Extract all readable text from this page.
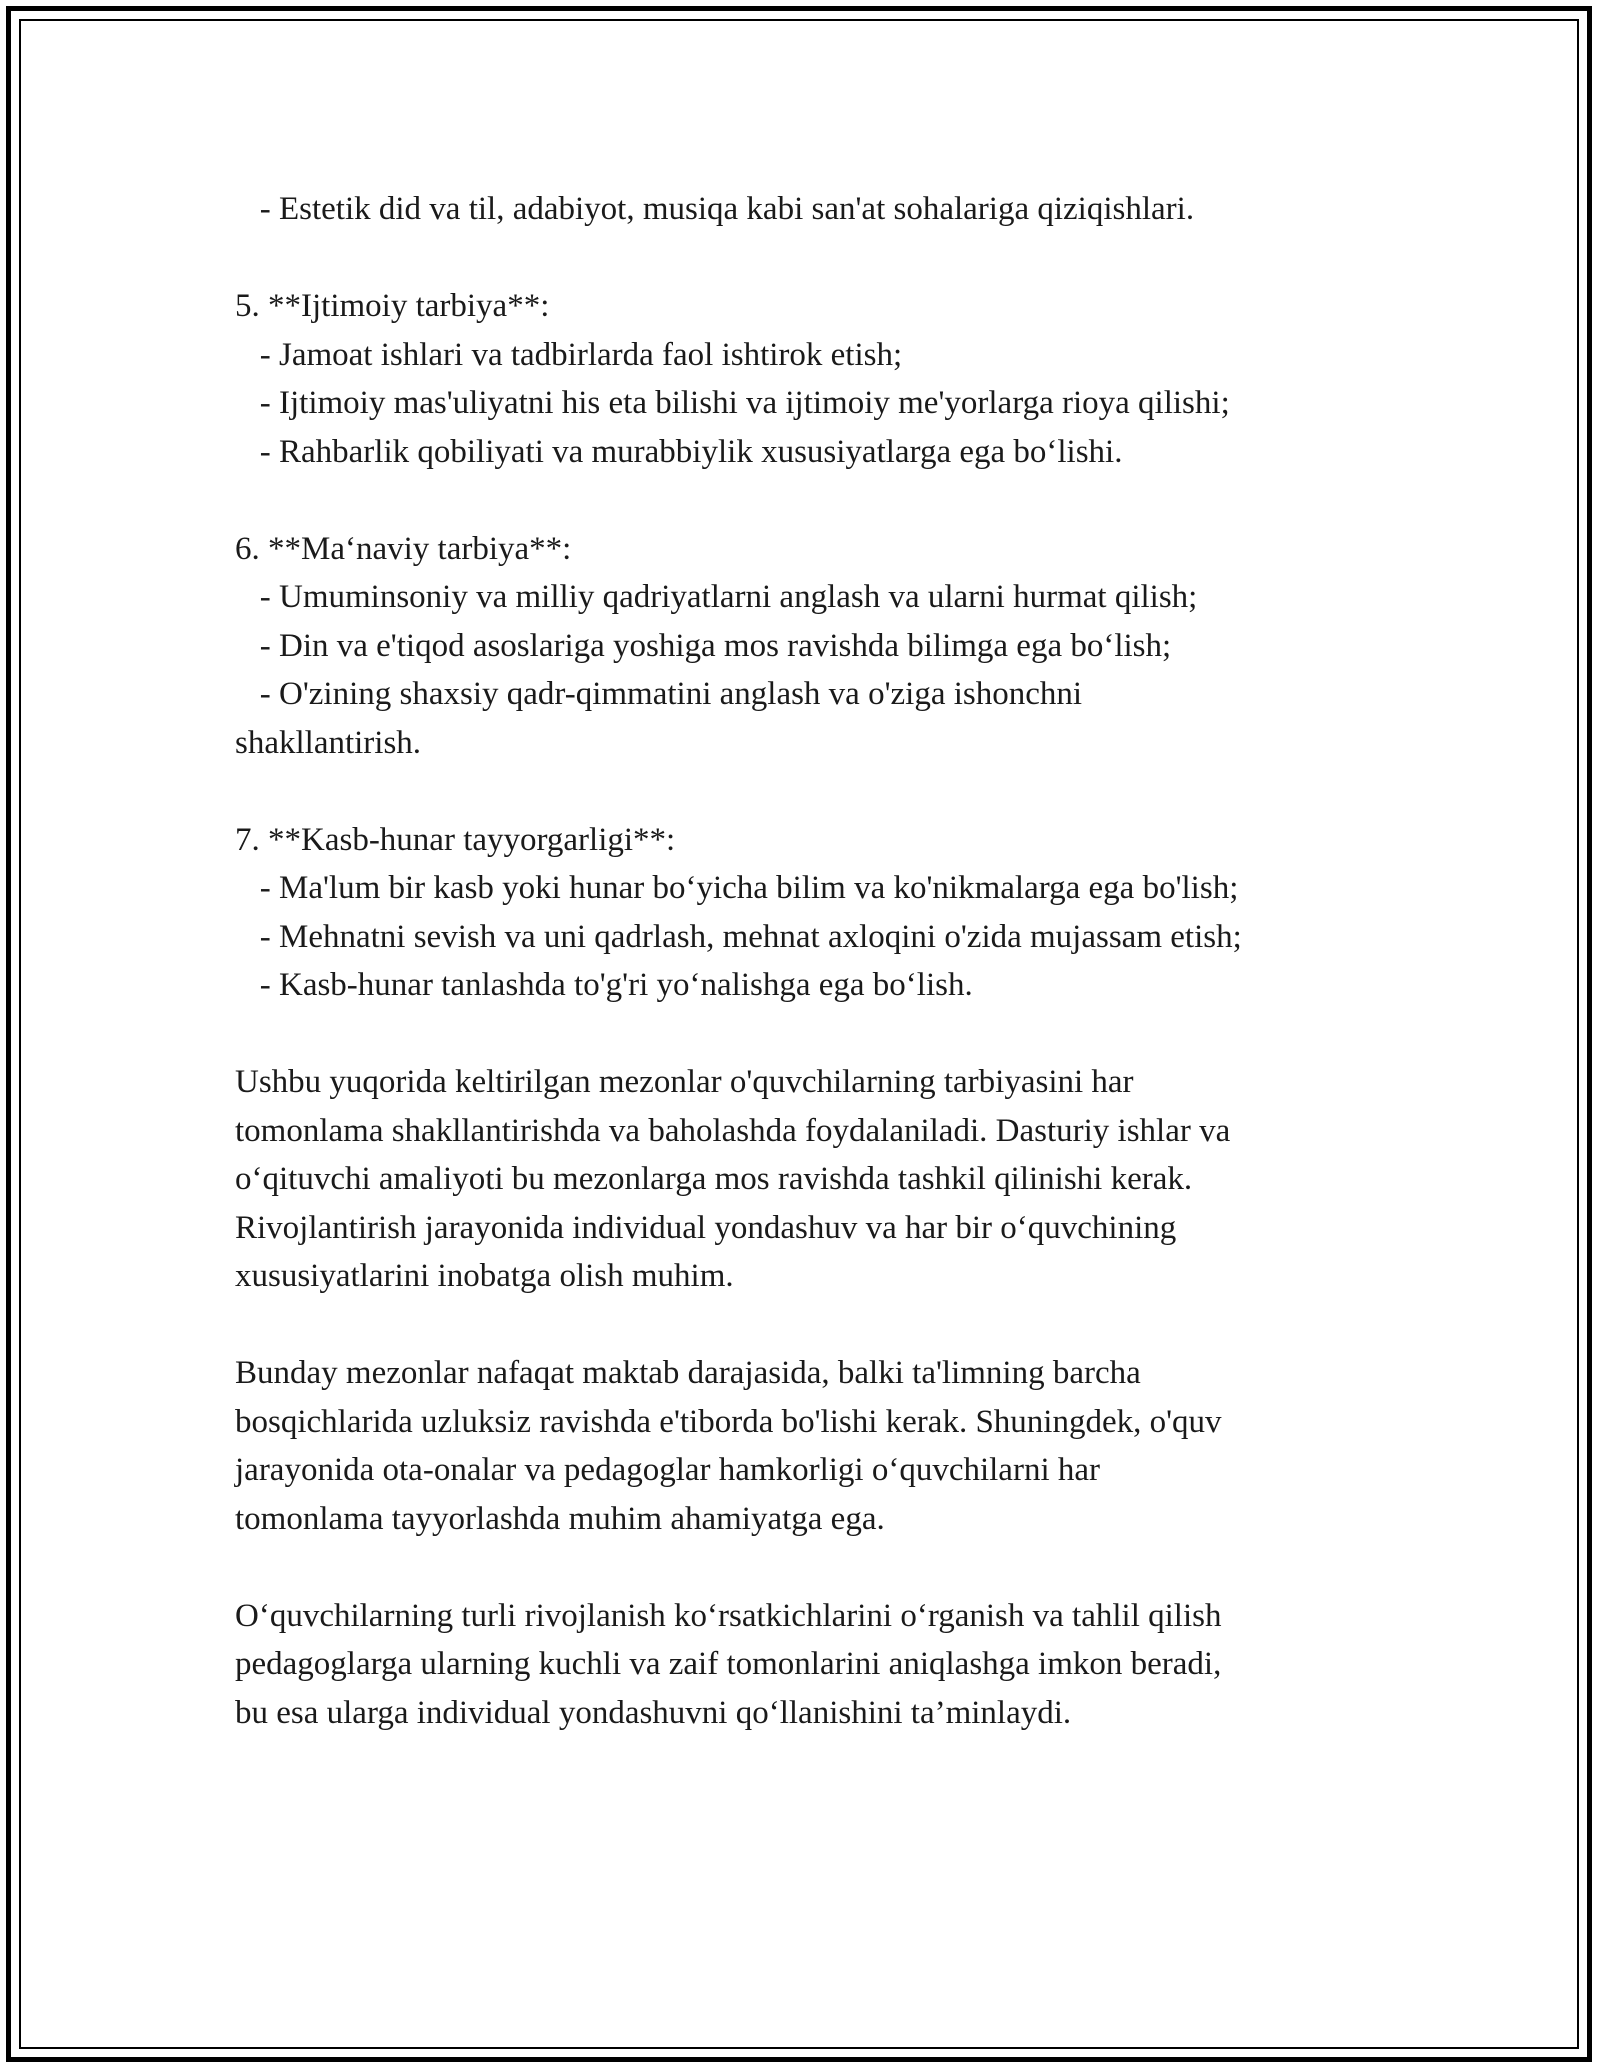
- Estetik did va til, adabiyot, musiqa kabi san'at sohalariga qiziqishlari.

5. **Ijtimoiy tarbiya**:

- Jamoat ishlari va tadbirlarda faol ishtirok etish;

- Ijtimoiy mas'uliyatni his eta bilishi va ijtimoiy me'yorlarga rioya qilishi;

- Rahbarlik qobiliyati va murabbiylik xususiyatlarga ega bo‘lishi.

6. **Ma‘naviy tarbiya**:

- Umuminsoniy va milliy qadriyatlarni anglash va ularni hurmat qilish;

- Din va e'tiqod asoslariga yoshiga mos ravishda bilimga ega bo‘lish;

- O'zining shaxsiy qadr-qimmatini anglash va o'ziga ishonchni

shakllantirish.

7. **Kasb-hunar tayyorgarligi**:

- Ma'lum bir kasb yoki hunar bo‘yicha bilim va ko'nikmalarga ega bo'lish;

- Mehnatni sevish va uni qadrlash, mehnat axloqini o'zida mujassam etish;

- Kasb-hunar tanlashda to'g'ri yo‘nalishga ega bo‘lish.

Ushbu yuqorida keltirilgan mezonlar o'quvchilarning tarbiyasini har

tomonlama shakllantirishda va baholashda foydalaniladi. Dasturiy ishlar va

o‘qituvchi amaliyoti bu mezonlarga mos ravishda tashkil qilinishi kerak.

Rivojlantirish jarayonida individual yondashuv va har bir o‘quvchining

xususiyatlarini inobatga olish muhim.

Bunday mezonlar nafaqat maktab darajasida, balki ta'limning barcha

bosqichlarida uzluksiz ravishda e'tiborda bo'lishi kerak. Shuningdek, o'quv

jarayonida ota-onalar va pedagoglar hamkorligi o‘quvchilarni har

tomonlama tayyorlashda muhim ahamiyatga ega.

O‘quvchilarning turli rivojlanish ko‘rsatkichlarini o‘rganish va tahlil qilish

pedagoglarga ularning kuchli va zaif tomonlarini aniqlashga imkon beradi,

bu esa ularga individual yondashuvni qo‘llanishini ta’minlaydi.
